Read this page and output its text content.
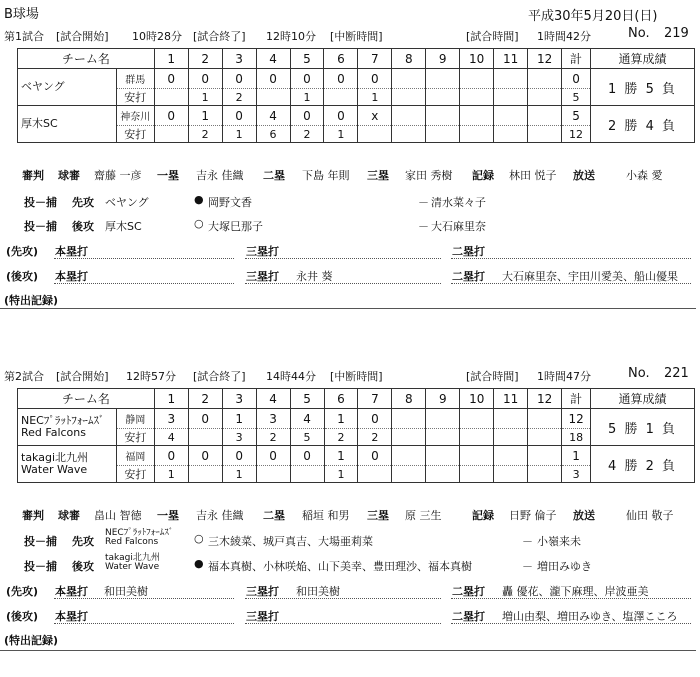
B球場	平成30年5月20日(日)
第1試合 [試合開始] 10時28分 [試合終了] 12時10分 [中断時間]	[試合時間] 1時間42分	No. 219
チーム名		1	2	3	4	5	6	7	8	9	10	11	12	計	通算成績
ベヤング	群馬	0	0	0	0	0	0	0						0	1 勝 5 負
	安打		1	2		1		1						5	
厚木SC	神奈川	0	1	0	4	0	0	x						5	2 勝 4 負
	安打		2	1	6	2	1							12	
審判 球審 齋藤 一彦 一塁 吉永 佳織 二塁 下島 年則 三塁 家田 秀樹 記録 林田 悦子 放送	小森 愛
投－捕 先攻 ベヤング	● 岡野文香	－ 清水菜々子
投－捕 後攻 厚木SC	○ 大塚巳那子	－ 大石麻里奈
(先攻) 本塁打	三塁打	二塁打
(後攻) 本塁打	三塁打 永井 葵	二塁打 大石麻里奈、宇田川愛美、船山優果
(特出記録)
第2試合 [試合開始] 12時57分 [試合終了] 14時44分 [中断時間]	[試合時間] 1時間47分	No. 221
チーム名		1	2	3	4	5	6	7	8	9	10	11	12	計	通算成績
NECﾌﾟﾗｯﾄﾌｫｰﾑｽﾞ
Red Falcons	静岡	3	0	1	3	4	1	0						12	5 勝 1 負
	安打	4		3	2	5	2	2						18	
takagi北九州
Water Wave	福岡	0	0	0	0	0	1	0						1	4 勝 2 負
	安打	1		1			1							3	
審判 球審 畠山 智徳 一塁 吉永 佳織 二塁 稲垣 和男 三塁 原 三生	記録 日野 倫子 放送	仙田 敬子
投－捕 先攻
NECﾌﾟﾗｯﾄﾌｫｰﾑｽﾞ
Red Falcons	○ 三木綾菜、城戸真吉、大場亜莉菜	－ 小嶺来未
投－捕 後攻
takagi北九州
Water Wave	● 福本真樹、小林咲焔、山下美幸、豊田理沙、福本真樹	－ 増田みゆき
(先攻) 本塁打 和田美樹	三塁打 和田美樹	二塁打 轟 優花、瀧下麻理、岸波亜美
(後攻) 本塁打	三塁打	二塁打 増山由梨、増田みゆき、塩澤こころ
(特出記録)
